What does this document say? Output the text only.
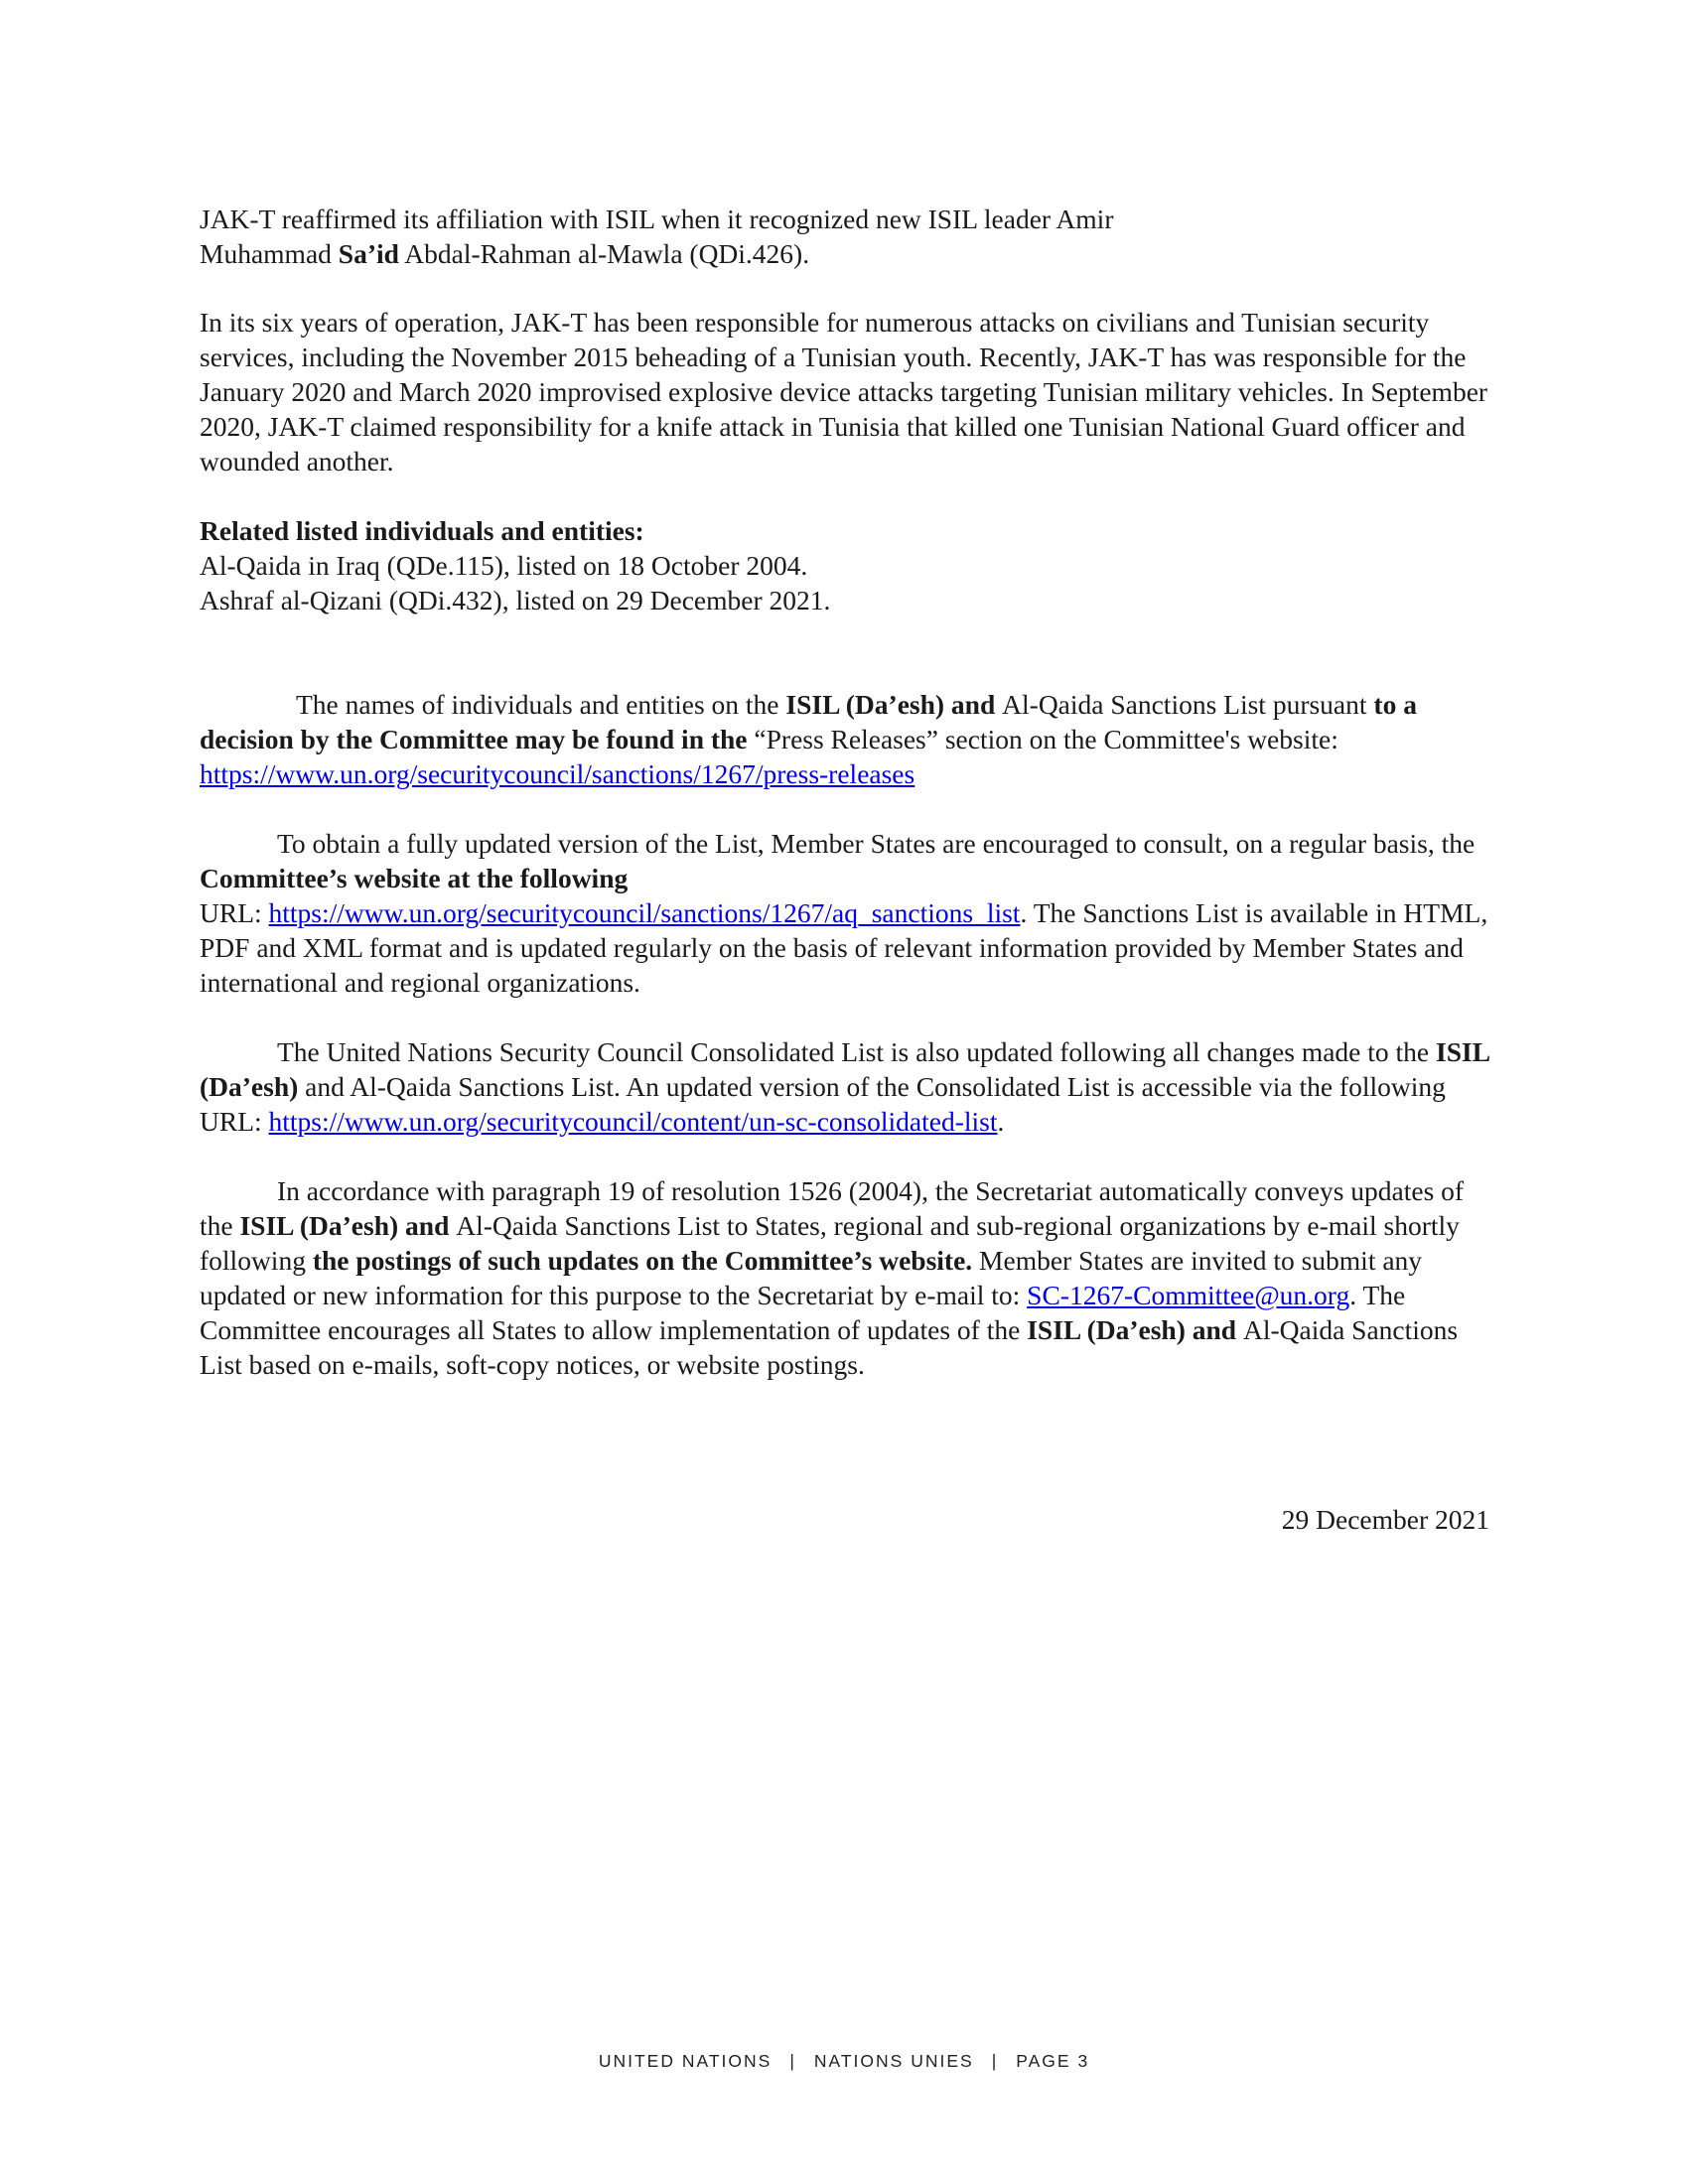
JAK-T reaffirmed its affiliation with ISIL when it recognized new ISIL leader Amir
Muhammad Sa’id Abdal-Rahman al-Mawla (QDi.426).

In its six years of operation, JAK-T has been responsible for numerous attacks on civilians and Tunisian security services, including the November 2015 beheading of a Tunisian youth. Recently, JAK-T has was responsible for the January 2020 and March 2020 improvised explosive device attacks targeting Tunisian military vehicles. In September 2020, JAK-T claimed responsibility for a knife attack in Tunisia that killed one Tunisian National Guard officer and wounded another.

Related listed individuals and entities:

Al-Qaida in Iraq (QDe.115), listed on 18 October 2004.

Ashraf al-Qizani (QDi.432), listed on 29 December 2021.

The names of individuals and entities on the ISIL (Da’esh) and Al-Qaida Sanctions List pursuant to a decision by the Committee may be found in the “Press Releases” section on the Committee's website: https://www.un.org/securitycouncil/sanctions/1267/press-releases

To obtain a fully updated version of the List, Member States are encouraged to consult, on a regular basis, the Committee’s website at the following
URL: https://www.un.org/securitycouncil/sanctions/1267/aq_sanctions_list. The Sanctions List is available in HTML, PDF and XML format and is updated regularly on the basis of relevant information provided by Member States and international and regional organizations.

The United Nations Security Council Consolidated List is also updated following all changes made to the ISIL (Da’esh) and Al-Qaida Sanctions List. An updated version of the Consolidated List is accessible via the following URL: https://www.un.org/securitycouncil/content/un-sc-consolidated-list.

In accordance with paragraph 19 of resolution 1526 (2004), the Secretariat automatically conveys updates of the ISIL (Da’esh) and Al-Qaida Sanctions List to States, regional and sub-regional organizations by e-mail shortly following the postings of such updates on the Committee’s website. Member States are invited to submit any updated or new information for this purpose to the Secretariat by e-mail to: SC-1267-Committee@un.org. The Committee encourages all States to allow implementation of updates of the ISIL (Da’esh) and Al-Qaida Sanctions List based on e-mails, soft-copy notices, or website postings.

29 December 2021
UNITED NATIONS | NATIONS UNIES | PAGE 3
